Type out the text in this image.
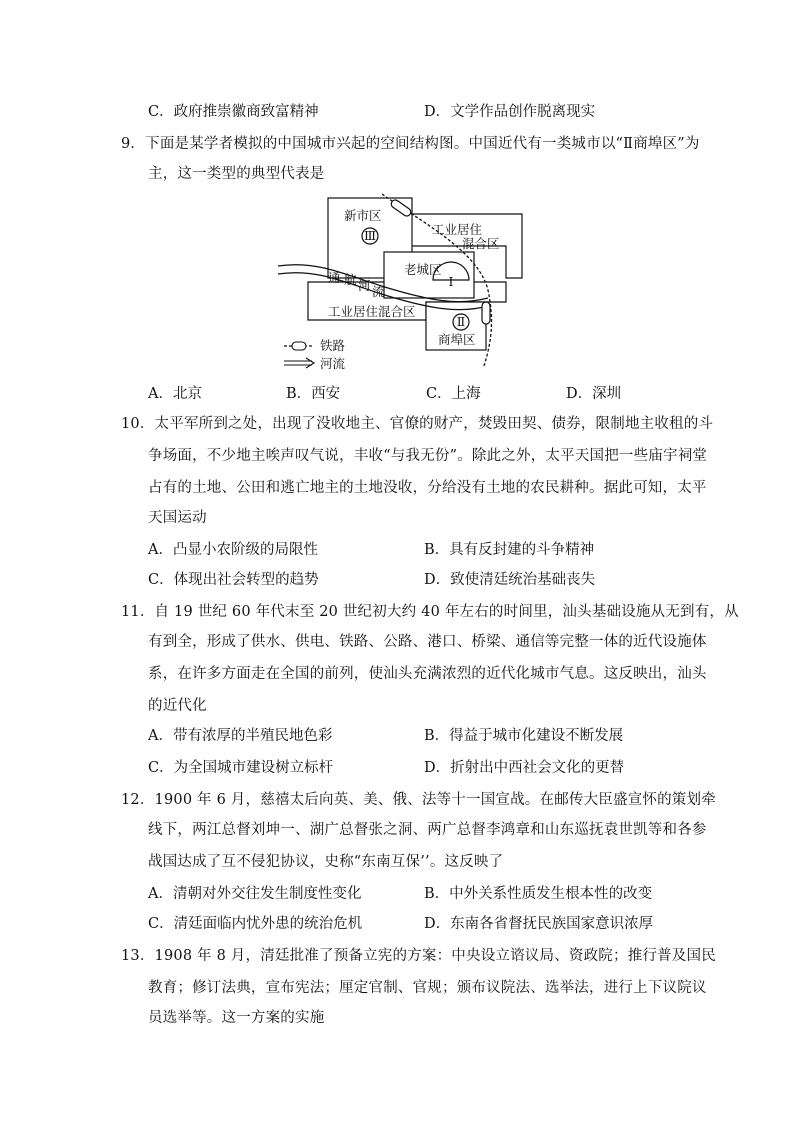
C．政府推崇徽商致富精神	D．文学作品创作脱离现实
9．下面是某学者模拟的中国城市兴起的空间结构图。中国近代有一类城市以“Ⅱ商埠区”为
主，这一类型的典型代表是
新市区
Ⅲ	工业居住
混合区
老城区
Ⅰ
通 航 河 流
工业居住混合区
Ⅱ
商埠区
铁路
河流
A．北京	B．西安	C．上海	D．深圳
10．太平军所到之处，出现了没收地主、官僚的财产，焚毁田契、债券，限制地主收租的斗
争场面，不少地主唉声叹气说，丰收“与我无份”。除此之外，太平天国把一些庙宇祠堂
占有的土地、公田和逃亡地主的土地没收，分给没有土地的农民耕种。据此可知，太平
天国运动
A．凸显小农阶级的局限性	B．具有反封建的斗争精神
C．体现出社会转型的趋势	D．致使清廷统治基础丧失
11．自 19 世纪 60 年代末至 20 世纪初大约 40 年左右的时间里，汕头基础设施从无到有，从
有到全，形成了供水、供电、铁路、公路、港口、桥梁、通信等完整一体的近代设施体
系，在许多方面走在全国的前列，使汕头充满浓烈的近代化城市气息。这反映出，汕头
的近代化
A．带有浓厚的半殖民地色彩	B．得益于城市化建设不断发展
C．为全国城市建设树立标杆	D．折射出中西社会文化的更替
12．1900 年 6 月，慈禧太后向英、美、俄、法等十一国宣战。在邮传大臣盛宣怀的策划牵
线下，两江总督刘坤一、湖广总督张之洞、两广总督李鸿章和山东巡抚袁世凯等和各参
战国达成了互不侵犯协议，史称“东南互保’’。这反映了
A．清朝对外交往发生制度性变化	B．中外关系性质发生根本性的改变
C．清廷面临内忧外患的统治危机	D．东南各省督抚民族国家意识浓厚
13．1908 年 8 月，清廷批准了预备立宪的方案：中央设立谘议局、资政院；推行普及国民
教育；修订法典，宣布宪法；厘定官制、官规；颁布议院法、选举法，进行上下议院议
员选举等。这一方案的实施
